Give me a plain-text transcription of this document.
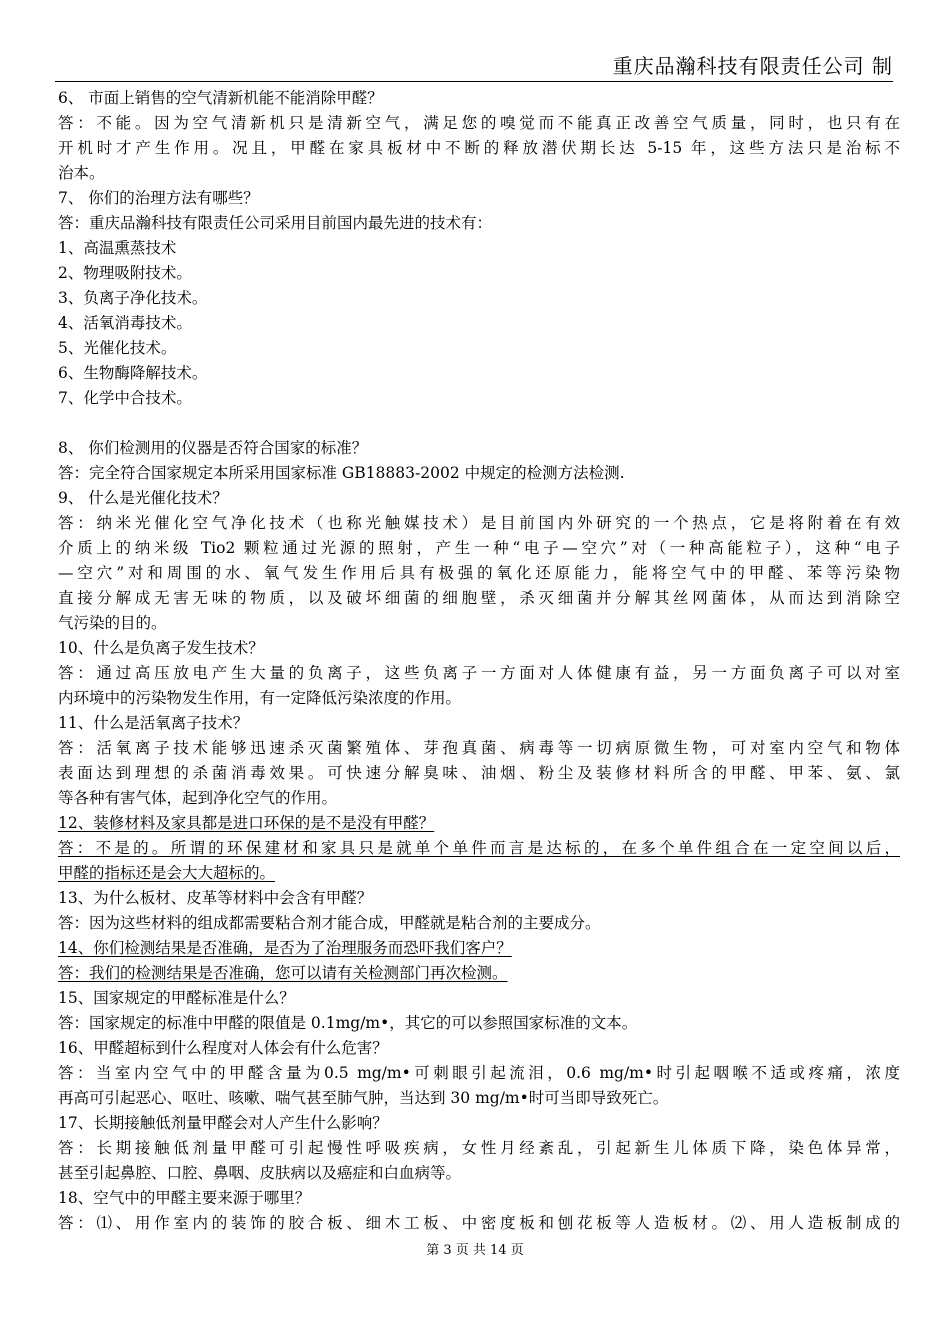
重庆品瀚科技有限责任公司 制
6、 市面上销售的空气清新机能不能消除甲醛？
答：不能。因为空气清新机只是清新空气，满足您的嗅觉而不能真正改善空气质量，同时，也只有在
开机时才产生作用。况且，甲醛在家具板材中不断的释放潜伏期长达 5-15 年，这些方法只是治标不
治本。
7、 你们的治理方法有哪些？
答：重庆品瀚科技有限责任公司采用目前国内最先进的技术有：
1、高温熏蒸技术
2、物理吸附技术。
3、负离子净化技术。
4、活氧消毒技术。
5、光催化技术。
6、生物酶降解技术。
7、化学中合技术。
8、 你们检测用的仪器是否符合国家的标准？
答：完全符合国家规定本所采用国家标准 GB18883-2002 中规定的检测方法检测.
9、 什么是光催化技术？
答：纳米光催化空气净化技术（也称光触媒技术）是目前国内外研究的一个热点，它是将附着在有效
介质上的纳米级 Tio2 颗粒通过光源的照射，产生一种“电子—空穴”对（一种高能粒子），这种“电子
—空穴”对和周围的水、氧气发生作用后具有极强的氧化还原能力，能将空气中的甲醛、苯等污染物
直接分解成无害无味的物质，以及破坏细菌的细胞壁，杀灭细菌并分解其丝网菌体，从而达到消除空
气污染的目的。
10、什么是负离子发生技术？
答：通过高压放电产生大量的负离子，这些负离子一方面对人体健康有益，另一方面负离子可以对室
内环境中的污染物发生作用，有一定降低污染浓度的作用。
11、什么是活氧离子技术？
答：活氧离子技术能够迅速杀灭菌繁殖体、芽孢真菌、病毒等一切病原微生物，可对室内空气和物体
表面达到理想的杀菌消毒效果。可快速分解臭味、油烟、粉尘及装修材料所含的甲醛、甲苯、氨、氯
等各种有害气体，起到净化空气的作用。
12、装修材料及家具都是进口环保的是不是没有甲醛？
答：不是的。所谓的环保建材和家具只是就单个单件而言是达标的，在多个单件组合在一定空间以后，
甲醛的指标还是会大大超标的。
13、为什么板材、皮革等材料中会含有甲醛？
答：因为这些材料的组成都需要粘合剂才能合成，甲醛就是粘合剂的主要成分。
14、你们检测结果是否准确，是否为了治理服务而恐吓我们客户？
答：我们的检测结果是否准确，您可以请有关检测部门再次检测。
15、国家规定的甲醛标准是什么？
答：国家规定的标准中甲醛的限值是 0.1mg/m•，其它的可以参照国家标准的文本。
16、甲醛超标到什么程度对人体会有什么危害？
答：当室内空气中的甲醛含量为0.5 mg/m•可刺眼引起流泪，0.6 mg/m•时引起咽喉不适或疼痛，浓度
再高可引起恶心、呕吐、咳嗽、喘气甚至肺气肿，当达到 30 mg/m•时可当即导致死亡。
17、长期接触低剂量甲醛会对人产生什么影响？
答：长期接触低剂量甲醛可引起慢性呼吸疾病，女性月经紊乱，引起新生儿体质下降，染色体异常，
甚至引起鼻腔、口腔、鼻咽、皮肤病以及癌症和白血病等。
18、空气中的甲醛主要来源于哪里？
答：⑴、用作室内的装饰的胶合板、细木工板、中密度板和刨花板等人造板材。⑵、用人造板制成的
第 3 页 共 14 页
